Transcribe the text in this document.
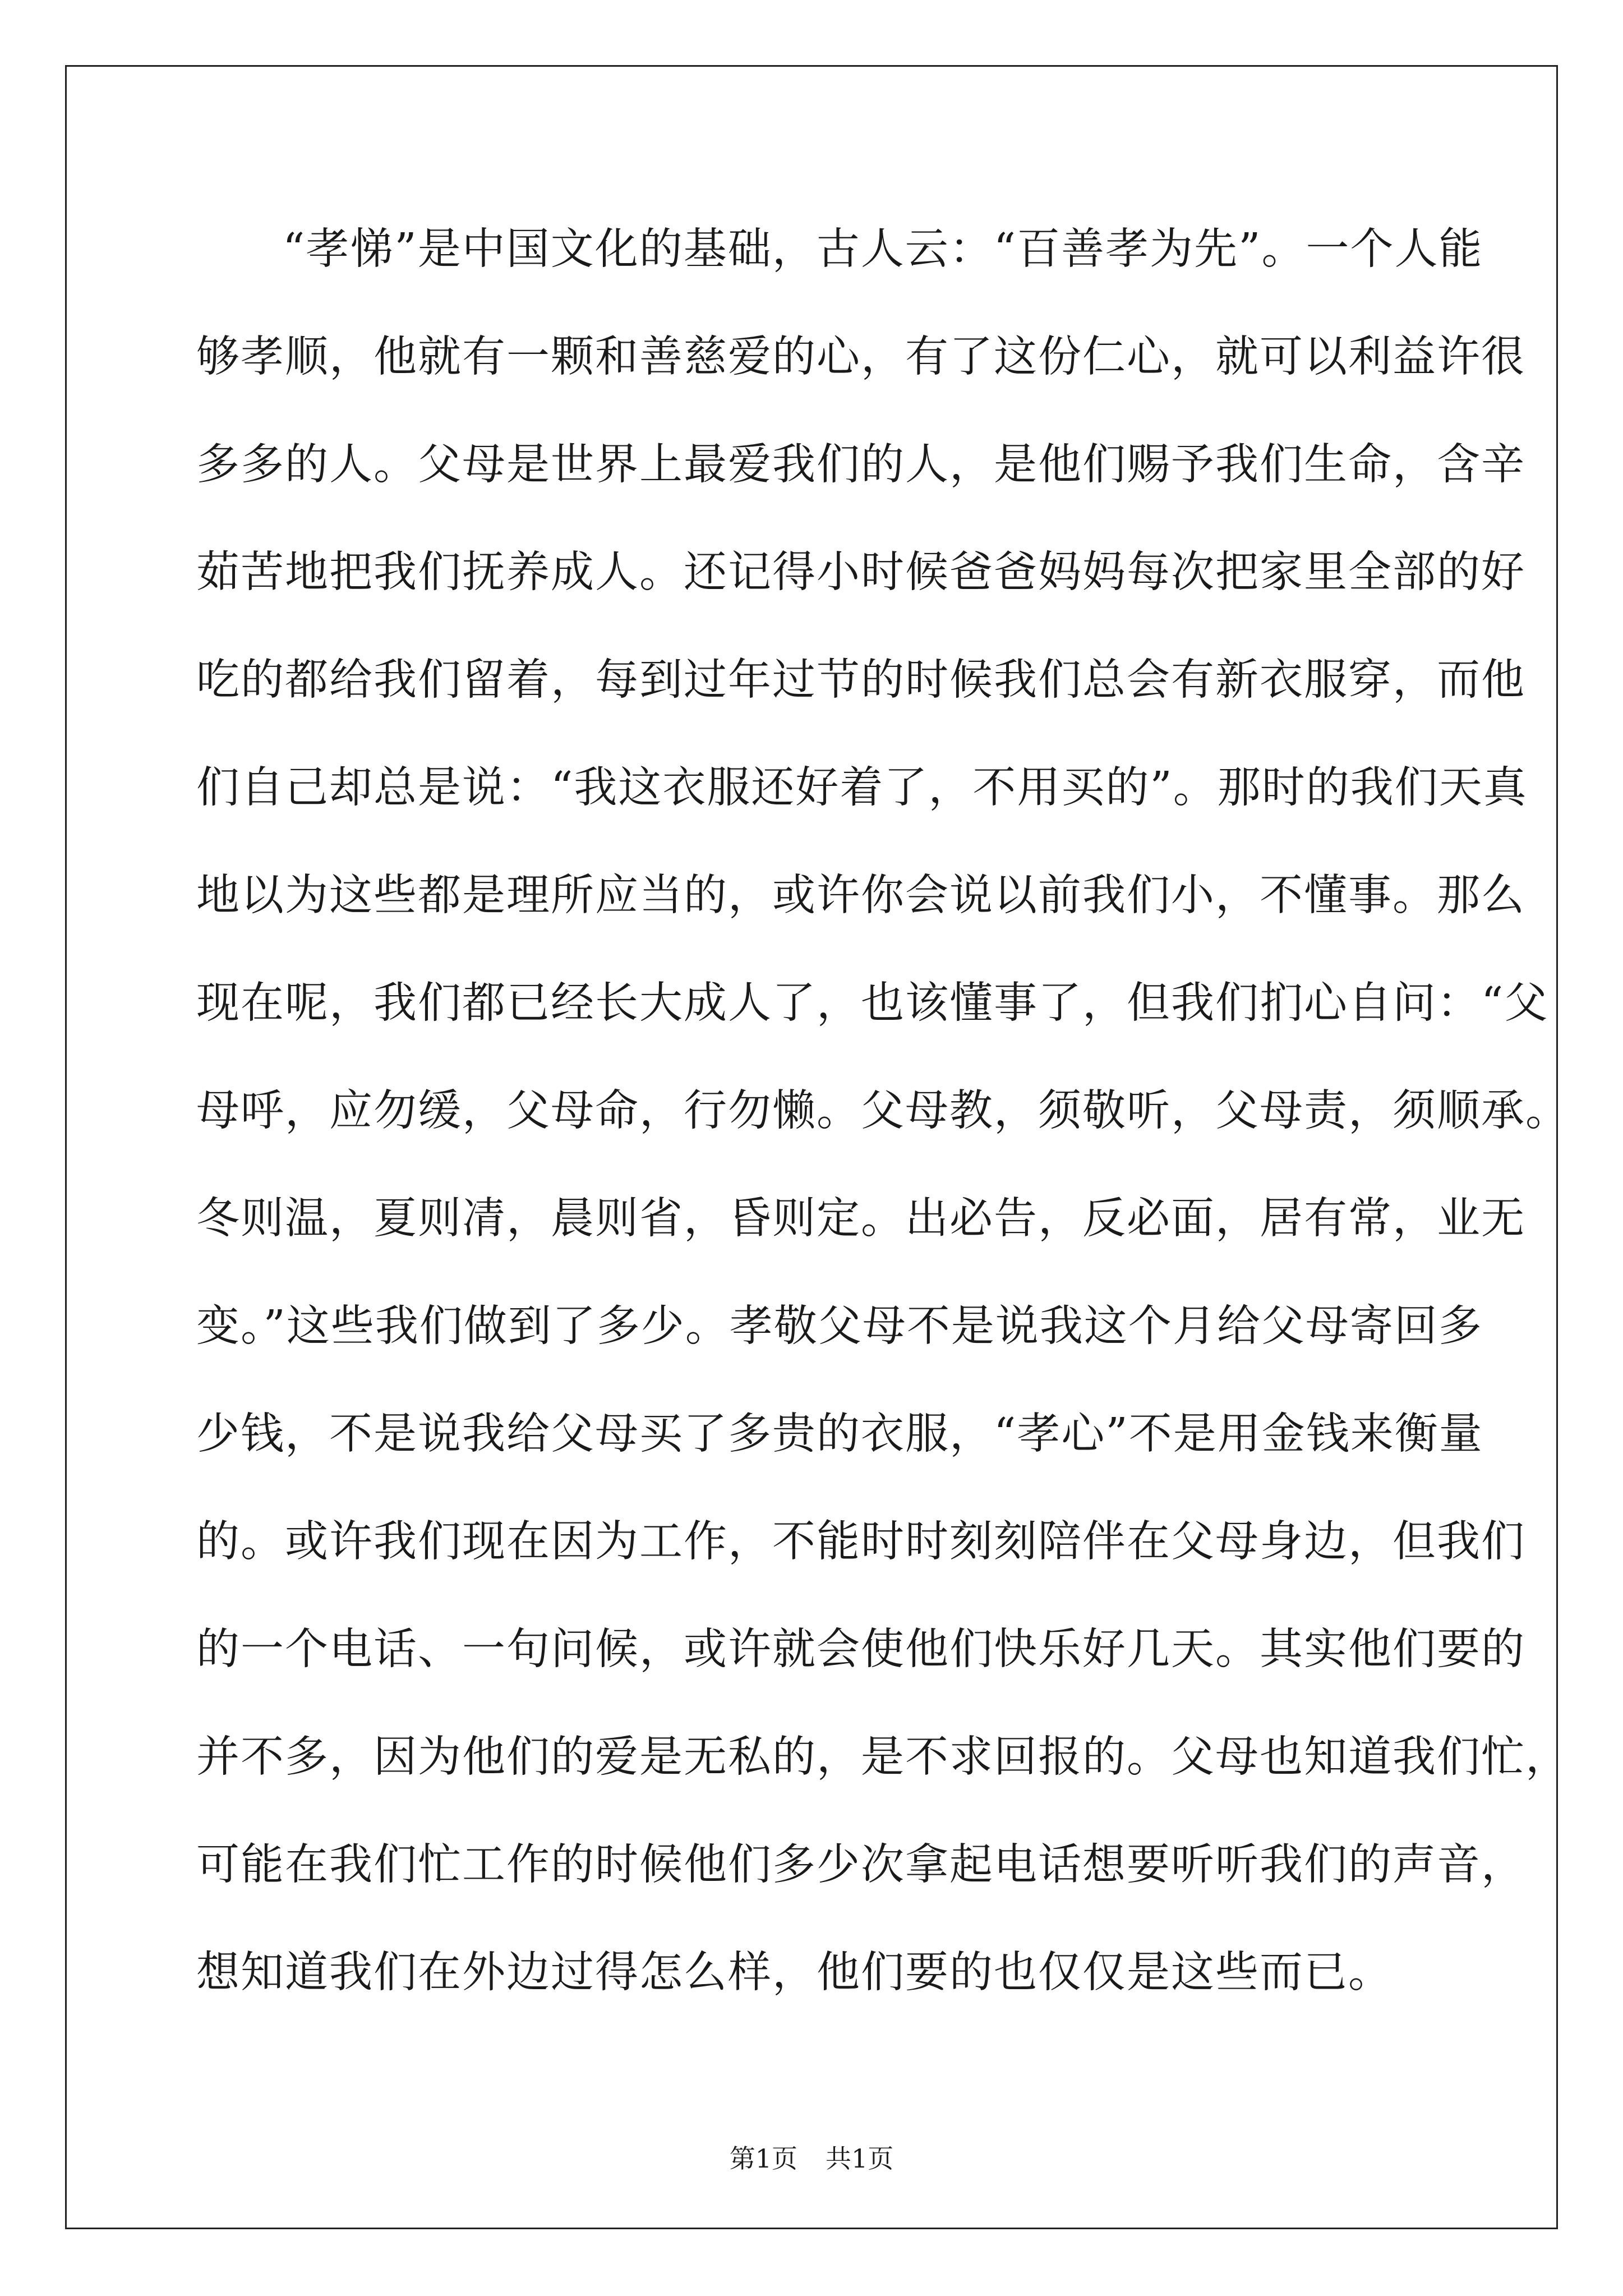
“孝悌”是中国文化的基础，古人云：“百善孝为先”。一个人能
够孝顺，他就有一颗和善慈爱的心，有了这份仁心，就可以利益许很
多多的人。父母是世界上最爱我们的人，是他们赐予我们生命，含辛
茹苦地把我们抚养成人。还记得小时候爸爸妈妈每次把家里全部的好
吃的都给我们留着，每到过年过节的时候我们总会有新衣服穿，而他
们自己却总是说：“我这衣服还好着了，不用买的”。那时的我们天真
地以为这些都是理所应当的，或许你会说以前我们小，不懂事。那么
现在呢，我们都已经长大成人了，也该懂事了，但我们扪心自问：“父
母呼，应勿缓，父母命，行勿懒。父母教，须敬听，父母责，须顺承。
冬则温，夏则凊，晨则省，昏则定。出必告，反必面，居有常，业无
变。”这些我们做到了多少。孝敬父母不是说我这个月给父母寄回多
少钱，不是说我给父母买了多贵的衣服，“孝心”不是用金钱来衡量
的。或许我们现在因为工作，不能时时刻刻陪伴在父母身边，但我们
的一个电话、一句问候，或许就会使他们快乐好几天。其实他们要的
并不多，因为他们的爱是无私的，是不求回报的。父母也知道我们忙，
可能在我们忙工作的时候他们多少次拿起电话想要听听我们的声音，
想知道我们在外边过得怎么样，他们要的也仅仅是这些而已。
第1页 共1页
